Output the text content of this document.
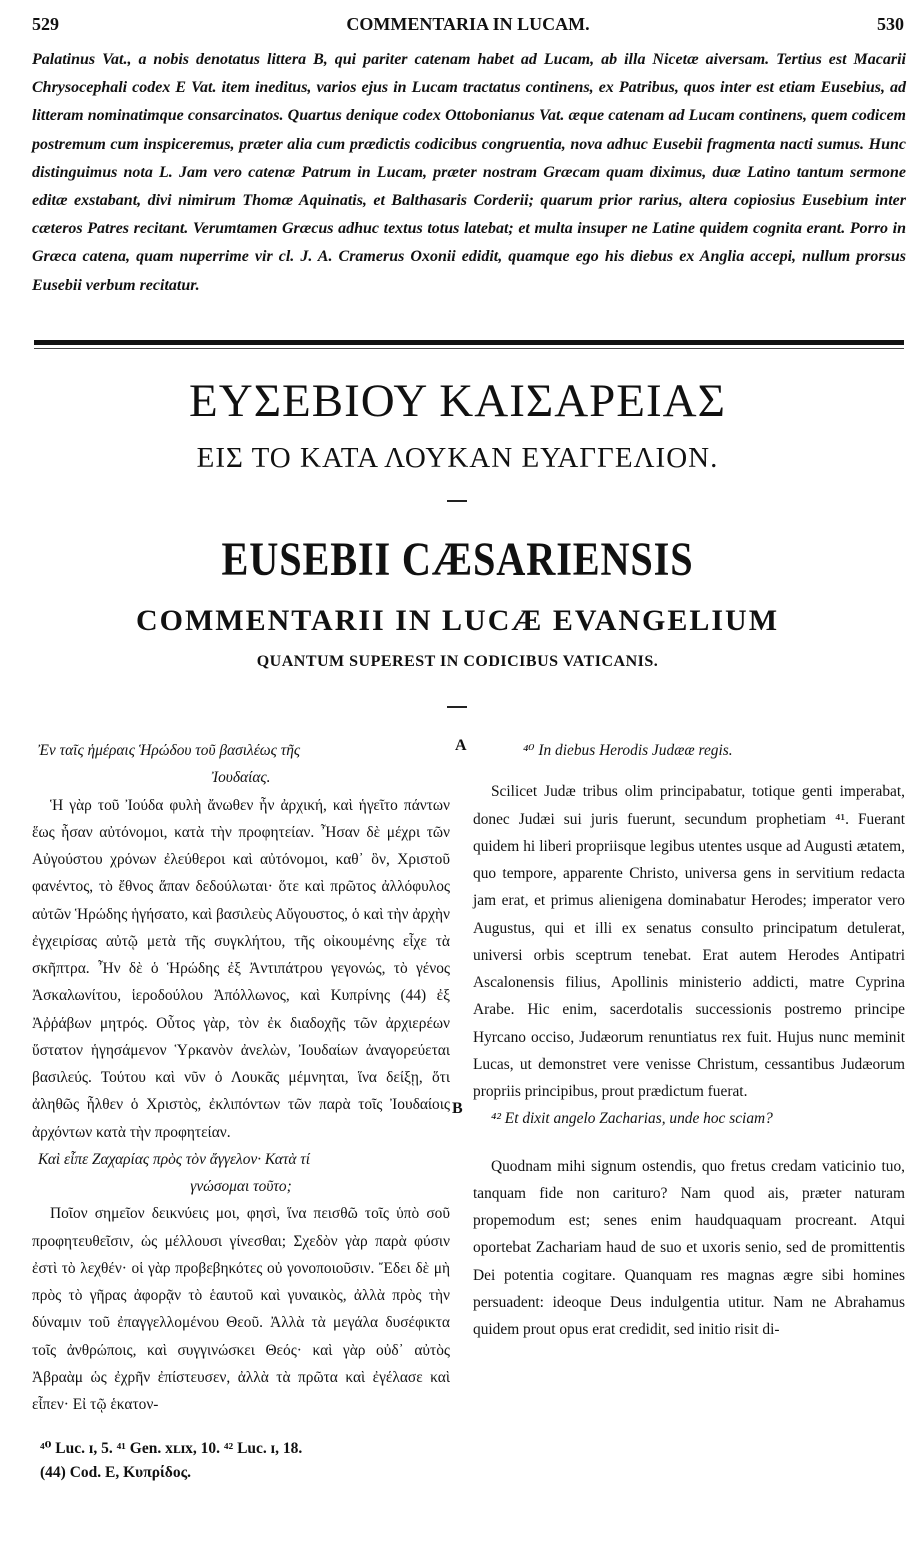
529	COMMENTARIA IN LUCAM.	530

Palatinus Vat., a nobis denotatus littera B, qui pariter catenam habet ad Lucam, ab illa Nicetæ aiversam. Tertius est Macarii Chrysocephali codex E Vat. item ineditus, varios ejus in Lucam tractatus continens, ex Patribus, quos inter est etiam Eusebius, ad litteram nominatimque consarcinatos. Quartus denique codex Ottobonianus Vat. æque catenam ad Lucam continens, quem codicem postremum cum inspiceremus, præter alia cum prædictis codicibus congruentia, nova adhuc Eusebii fragmenta nacti sumus. Hunc distinguimus nota L. Jam vero catenæ Patrum in Lucam, præter nostram Græcam quam diximus, duæ Latino tantum sermone editæ exstabant, divi nimirum Thomæ Aquinatis, et Balthasaris Corderii; quarum prior rarius, altera copiosius Eusebium inter cæteros Patres recitant. Verumtamen Græcus adhuc textus totus latebat; et multa insuper ne Latine quidem cognita erant. Porro in Græca catena, quam nuperrime vir cl. J. A. Cramerus Oxonii edidit, quamque ego his diebus ex Anglia accepi, nullum prorsus Eusebii verbum recitatur.

ΕΥΣΕΒΙΟΥ ΚΑΙΣΑΡΕΙΑΣ
ΕΙΣ ΤΟ ΚΑΤΑ ΛΟΥΚΑΝ ΕΥΑΓΓΕΛΙΟΝ.
EUSEBII CÆSARIENSIS
COMMENTARII IN LUCÆ EVANGELIUM
QUANTUM SUPEREST IN CODICIBUS VATICANIS.

Ἐν ταῖς ἡμέραις Ἡρώδου τοῦ βασιλέως τῆς

Ἰουδαίας.

Ἡ γὰρ τοῦ Ἰούδα φυλὴ ἄνωθεν ἦν ἀρχική, καὶ ἡγεῖτο πάντων ἕως ἦσαν αὐτόνομοι, κατὰ τὴν προφητείαν. Ἦσαν δὲ μέχρι τῶν Αὐγούστου χρόνων ἐλεύθεροι καὶ αὐτόνομοι, καθ᾽ ὃν, Χριστοῦ φανέντος, τὸ ἔθνος ἅπαν δεδούλωται· ὅτε καὶ πρῶτος ἀλλόφυλος αὐτῶν Ἡρώδης ἡγήσατο, καὶ βασιλεὺς Αὔγουστος, ὁ καὶ τὴν ἀρχὴν ἐγχειρίσας αὐτῷ μετὰ τῆς συγκλήτου, τῆς οἰκουμένης εἶχε τὰ σκῆπτρα. Ἦν δὲ ὁ Ἡρώδης ἐξ Ἀντιπάτρου γεγονώς, τὸ γένος Ἀσκαλωνίτου, ἱεροδούλου Ἀπόλλωνος, καὶ Κυπρίνης (44) ἐξ Ἀῤῥάβων μητρός. Οὗτος γὰρ, τὸν ἐκ διαδοχῆς τῶν ἀρχιερέων ὕστατον ἡγησάμενον Ὑρκανὸν ἀνελὼν, Ἰουδαίων ἀναγορεύεται βασιλεύς. Τούτου καὶ νῦν ὁ Λουκᾶς μέμνηται, ἵνα δείξῃ, ὅτι ἀληθῶς ἧλθεν ὁ Χριστὸς, ἐκλιπόντων τῶν παρὰ τοῖς Ἰουδαίοις ἀρχόντων κατὰ τὴν προφητείαν.

Καὶ εἶπε Ζαχαρίας πρὸς τὸν ἄγγελον· Κατὰ τί

γνώσομαι τοῦτο;

Ποῖον σημεῖον δεικνύεις μοι, φησὶ, ἵνα πεισθῶ τοῖς ὑπὸ σοῦ προφητευθεῖσιν, ὡς μέλλουσι γίνεσθαι; Σχεδὸν γὰρ παρὰ φύσιν ἐστὶ τὸ λεχθέν· οἱ γὰρ προβεβηκότες οὐ γονοποιοῦσιν. Ἔδει δὲ μὴ πρὸς τὸ γῆρας ἀφορᾷν τὸ ἑαυτοῦ καὶ γυναικὸς, ἀλλὰ πρὸς τὴν δύναμιν τοῦ ἐπαγγελλομένου Θεοῦ. Ἀλλὰ τὰ μεγάλα δυσέφικτα τοῖς ἀνθρώποις, καὶ συγγινώσκει Θεός· καὶ γὰρ οὐδ᾽ αὐτὸς Ἀβραὰμ ὡς ἐχρῆν ἐπίστευσεν, ἀλλὰ τὰ πρῶτα καὶ ἐγέλασε καὶ εἶπεν· Εἰ τῷ ἑκατον-

A
B

⁴⁰ In diebus Herodis Judææ regis.

Scilicet Judæ tribus olim principabatur, totique genti imperabat, donec Judæi sui juris fuerunt, secundum prophetiam ⁴¹. Fuerant quidem hi liberi propriisque legibus utentes usque ad Augusti ætatem, quo tempore, apparente Christo, universa gens in servitium redacta jam erat, et primus alienigena dominabatur Herodes; imperator vero Augustus, qui et illi ex senatus consulto principatum detulerat, universi orbis sceptrum tenebat. Erat autem Herodes Antipatri Ascalonensis filius, Apollinis ministerio addicti, matre Cyprina Arabe. Hic enim, sacerdotalis successionis postremo principe Hyrcano occiso, Judæorum renuntiatus rex fuit. Hujus nunc meminit Lucas, ut demonstret vere venisse Christum, cessantibus Judæorum propriis principibus, prout prædictum fuerat.

⁴² Et dixit angelo Zacharias, unde hoc sciam?

Quodnam mihi signum ostendis, quo fretus credam vaticinio tuo, tanquam fide non cariturо? Nam quod ais, præter naturam propemodum est; senes enim haudquaquam procreant. Atqui oportebat Zachariam haud de suo et uxoris senio, sed de promittentis Dei potentia cogitare. Quanquam res magnas ægre sibi homines persuadent: ideoque Deus indulgentia utitur. Nam ne Abrahamus quidem prout opus erat credidit, sed initio risit di-

⁴⁰ Luc. ɪ, 5. ⁴¹ Gen. xʟɪx, 10. ⁴² Luc. ɪ, 18.

(44) Cod. E, Κυπρίδος.
